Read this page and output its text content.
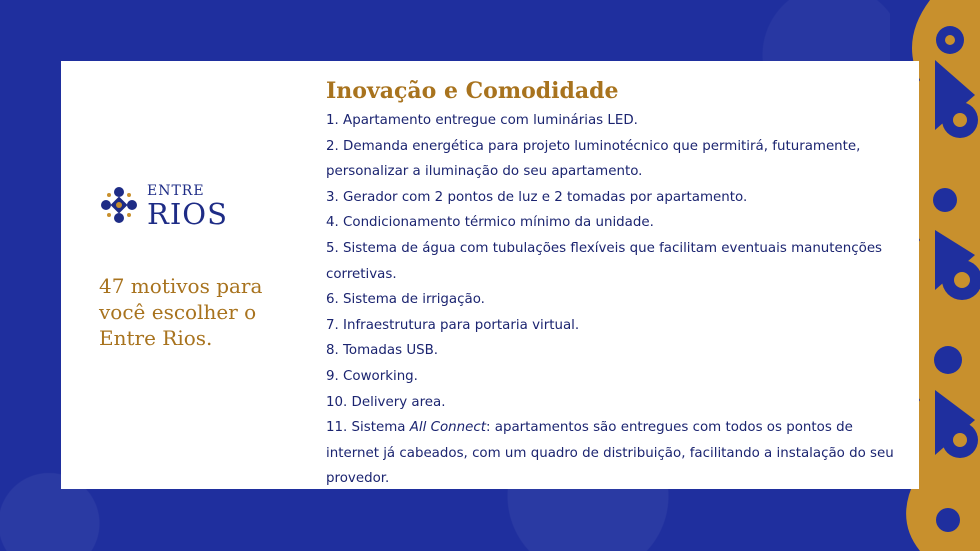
ENTRE
RIOS
47 motivos para você escolher o Entre Rios.
Inovação e Comodidade
1. Apartamento entregue com luminárias LED.
2. Demanda energética para projeto luminotécnico que permitirá, futuramente, personalizar a iluminação do seu apartamento.
3. Gerador com 2 pontos de luz e 2 tomadas por apartamento.
4. Condicionamento térmico mínimo da unidade.
5. Sistema de água com tubulações flexíveis que facilitam eventuais manutenções corretivas.
6. Sistema de irrigação.
7. Infraestrutura para portaria virtual.
8. Tomadas USB.
9. Coworking.
10. Delivery area.
11. Sistema All Connect: apartamentos são entregues com todos os pontos de internet já cabeados, com um quadro de distribuição, facilitando a instalação do seu provedor.
